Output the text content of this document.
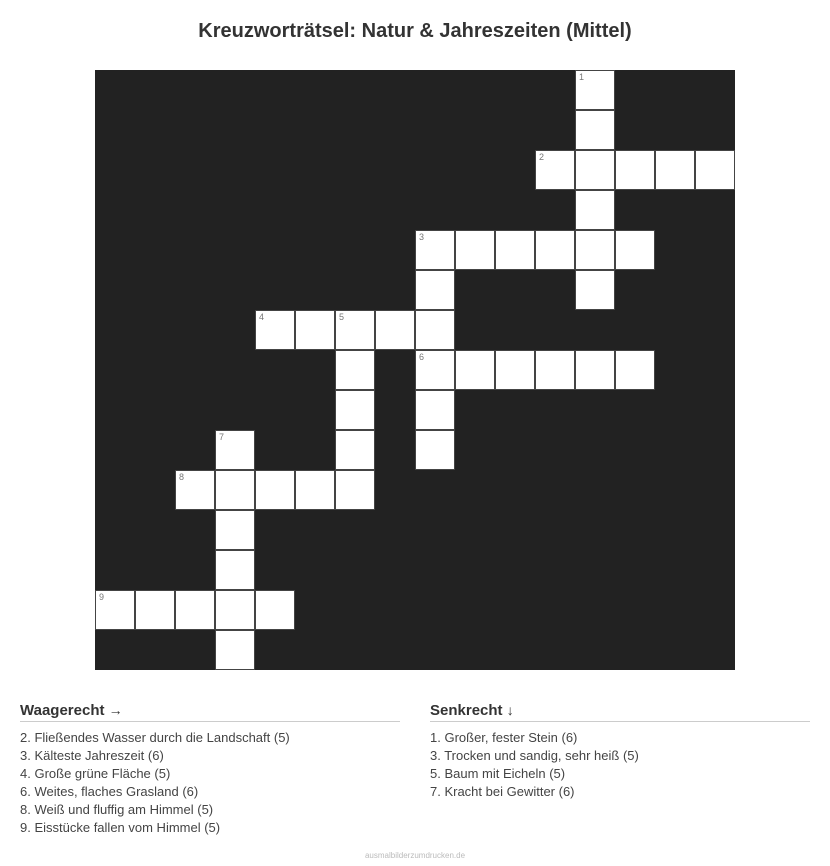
Kreuzworträtsel: Natur & Jahreszeiten (Mittel)
1
2
3
4	5
6
7
8
9
Waagerecht →
2. Fließendes Wasser durch die Landschaft (5)
3. Kälteste Jahreszeit (6)
4. Große grüne Fläche (5)
6. Weites, flaches Grasland (6)
8. Weiß und fluffig am Himmel (5)
9. Eisstücke fallen vom Himmel (5)
Senkrecht ↓
1. Großer, fester Stein (6)
3. Trocken und sandig, sehr heiß (5)
5. Baum mit Eicheln (5)
7. Kracht bei Gewitter (6)
ausmalbilderzumdrucken.de
